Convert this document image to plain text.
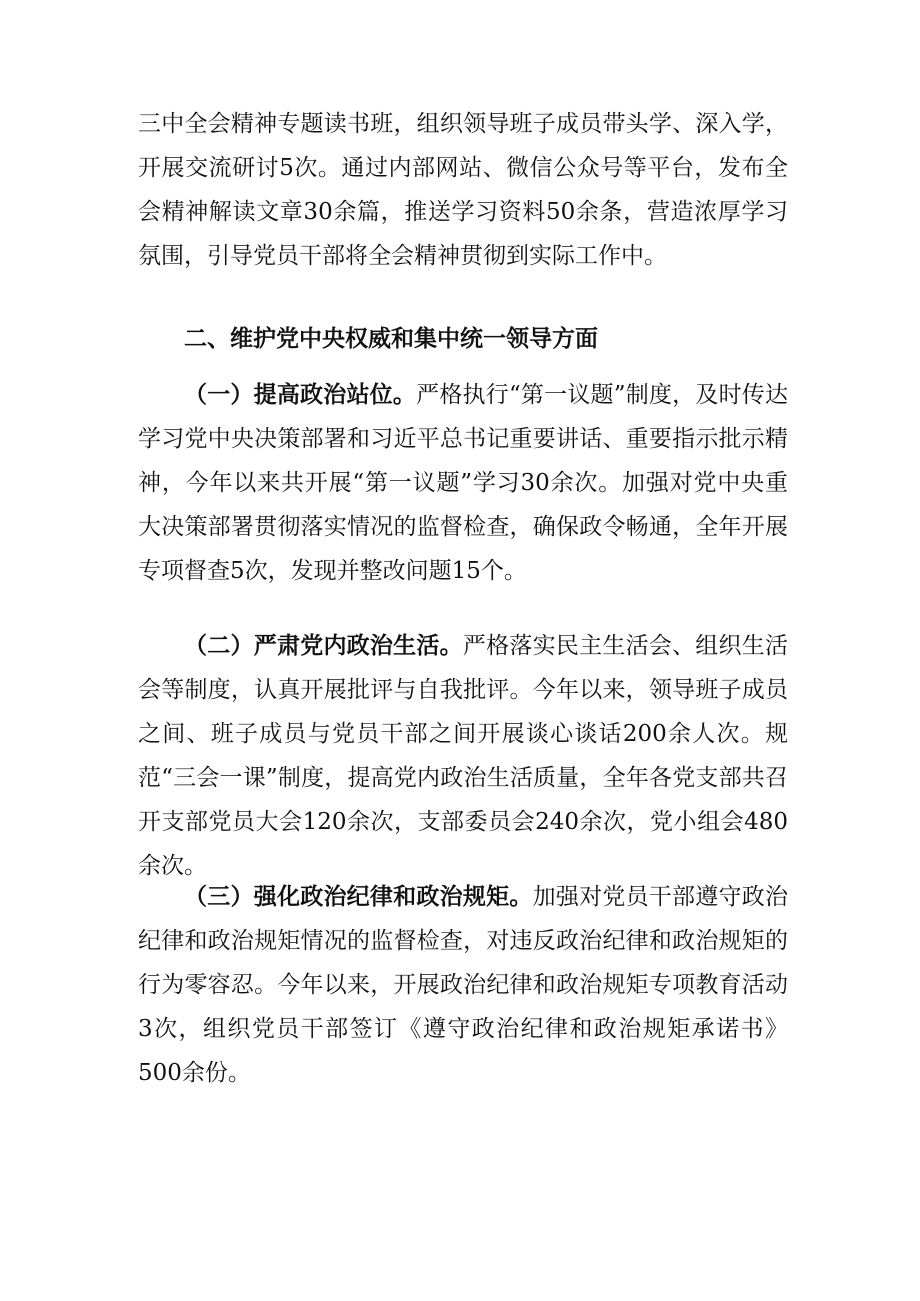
三中全会精神专题读书班，组织领导班子成员带头学、深入学，开展交流研讨5次。通过内部网站、微信公众号等平台，发布全会精神解读文章30余篇，推送学习资料50余条，营造浓厚学习氛围，引导党员干部将全会精神贯彻到实际工作中。

二、维护党中央权威和集中统一领导方面

（一）提高政治站位。严格执行“第一议题”制度，及时传达学习党中央决策部署和习近平总书记重要讲话、重要指示批示精神，今年以来共开展“第一议题”学习30余次。加强对党中央重大决策部署贯彻落实情况的监督检查，确保政令畅通，全年开展专项督查5次，发现并整改问题15个。

（二）严肃党内政治生活。严格落实民主生活会、组织生活会等制度，认真开展批评与自我批评。今年以来，领导班子成员之间、班子成员与党员干部之间开展谈心谈话200余人次。规范“三会一课”制度，提高党内政治生活质量，全年各党支部共召开支部党员大会120余次，支部委员会240余次，党小组会480余次。

（三）强化政治纪律和政治规矩。加强对党员干部遵守政治纪律和政治规矩情况的监督检查，对违反政治纪律和政治规矩的行为零容忍。今年以来，开展政治纪律和政治规矩专项教育活动3次，组织党员干部签订《遵守政治纪律和政治规矩承诺书》500余份。
